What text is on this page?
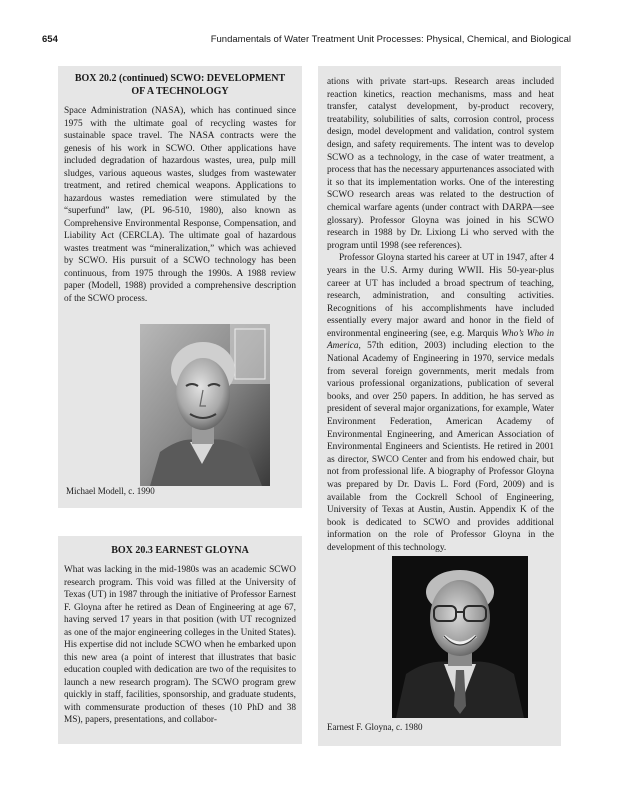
654	Fundamentals of Water Treatment Unit Processes: Physical, Chemical, and Biological
BOX 20.2 (continued) SCWO: DEVELOPMENT
OF A TECHNOLOGY

Space Administration (NASA), which has continued since 1975 with the ultimate goal of recycling wastes for sustainable space travel. The NASA contracts were the genesis of his work in SCWO. Other applications have included degradation of hazardous wastes, urea, pulp mill sludges, various aqueous wastes, sludges from wastewater treatment, and retired chemical weapons. Applications to hazardous wastes remediation were stimulated by the “superfund” law, (PL 96-510, 1980), also known as Comprehensive Environmental Response, Compensation, and Liability Act (CERCLA). The ultimate goal of hazardous wastes treatment was “mineralization,” which was achieved by SCWO. His pursuit of a SCWO technology has been continuous, from 1975 through the 1990s. A 1988 review paper (Modell, 1988) provided a comprehensive description of the SCWO process.

Michael Modell, c. 1990
BOX 20.3 EARNEST GLOYNA

What was lacking in the mid-1980s was an academic SCWO research program. This void was filled at the University of Texas (UT) in 1987 through the initiative of Professor Earnest F. Gloyna after he retired as Dean of Engineering at age 67, having served 17 years in that position (with UT recognized as one of the major engineering colleges in the United States). His expertise did not include SCWO when he embarked upon this new area (a point of interest that illustrates that basic education coupled with dedication are two of the requisites to launch a new research program). The SCWO program grew quickly in staff, facilities, sponsorship, and graduate students, with commensurate production of theses (10 PhD and 38 MS), papers, presentations, and collabor-

ations with private start-ups. Research areas included reaction kinetics, reaction mechanisms, mass and heat transfer, catalyst development, by-product recovery, treatability, solubilities of salts, corrosion control, process design, model development and validation, control system design, and safety requirements. The intent was to develop SCWO as a technology, in the case of water treatment, a process that has the necessary appurtenances associated with it so that its implementation works. One of the interesting SCWO research areas was related to the destruction of chemical warfare agents (under contract with DARPA—see glossary). Professor Gloyna was joined in his SCWO research in 1988 by Dr. Lixiong Li who served with the program until 1998 (see references).

Professor Gloyna started his career at UT in 1947, after 4 years in the U.S. Army during WWII. His 50-year-plus career at UT has included a broad spectrum of teaching, research, administration, and consulting activities. Recognitions of his accomplishments have included essentially every major award and honor in the field of environmental engineering (see, e.g. Marquis Who’s Who in America, 57th edition, 2003) including election to the National Academy of Engineering in 1970, service medals from several foreign governments, merit medals from various professional organizations, publication of several books, and over 250 papers. In addition, he has served as president of several major organizations, for example, Water Environment Federation, American Academy of Environmental Engineering, and American Association of Environmental Engineers and Scientists. He retired in 2001 as director, SWCO Center and from his endowed chair, but not from professional life. A biography of Professor Gloyna was prepared by Dr. Davis L. Ford (Ford, 2009) and is available from the Cockrell School of Engineering, University of Texas at Austin, Austin. Appendix K of the book is dedicated to SCWO and provides additional information on the role of Professor Gloyna in the development of this technology.

Earnest F. Gloyna, c. 1980
